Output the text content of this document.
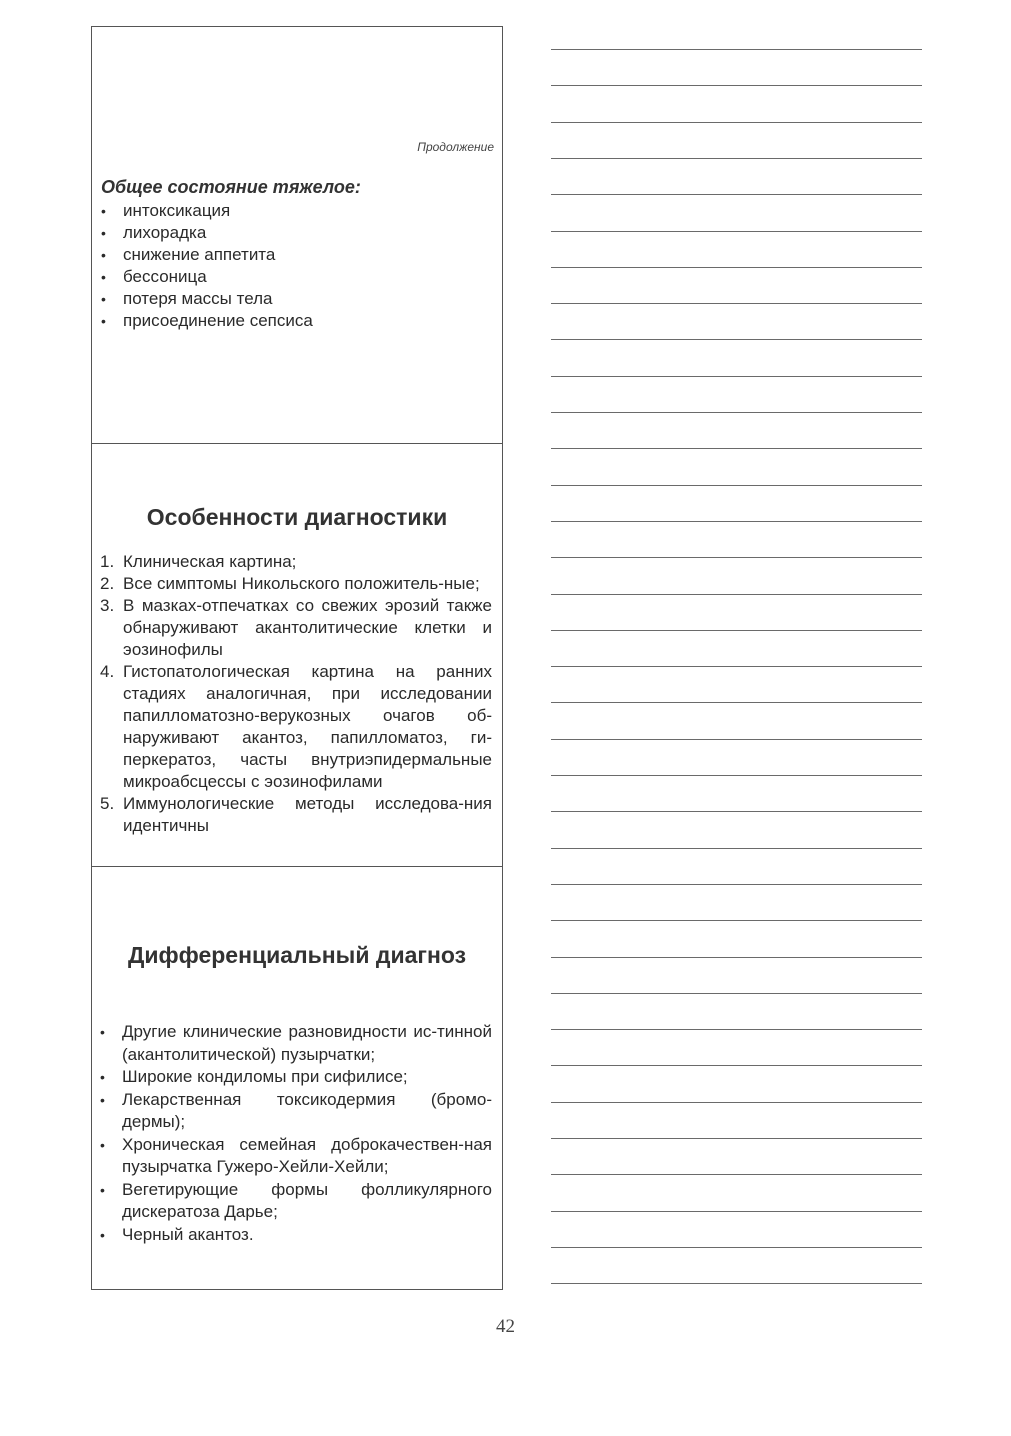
Продолжение
Общее состояние тяжелое:
• интоксикация
• лихорадка
• снижение аппетита
• бессоница
• потеря массы тела
• присоединение сепсиса
Особенности диагностики
1. Клиническая картина;
2. Все симптомы Никольского положитель-ные;
3. В мазках-отпечатках со свежих эрозий также обнаруживают акантолитические клетки и эозинофилы
4. Гистопатологическая картина на ранних стадиях аналогичная, при исследовании папилломатозно-верукозных очагов об-наруживают акантоз, папилломатоз, ги-перкератоз, часты внутриэпидермальные микроабсцессы с эозинофилами
5. Иммунологические методы исследова-ния идентичны
Дифференциальный диагноз
• Другие клинические разновидности ис-тинной (акантолитической) пузырчатки;
• Широкие кондиломы при сифилисе;
• Лекарственная токсикодермия (бромо-дермы);
• Хроническая семейная доброкачествен-ная пузырчатка Гужеро-Хейли-Хейли;
• Вегетирующие формы фолликулярного дискератоза Дарье;
• Черный акантоз.
42
